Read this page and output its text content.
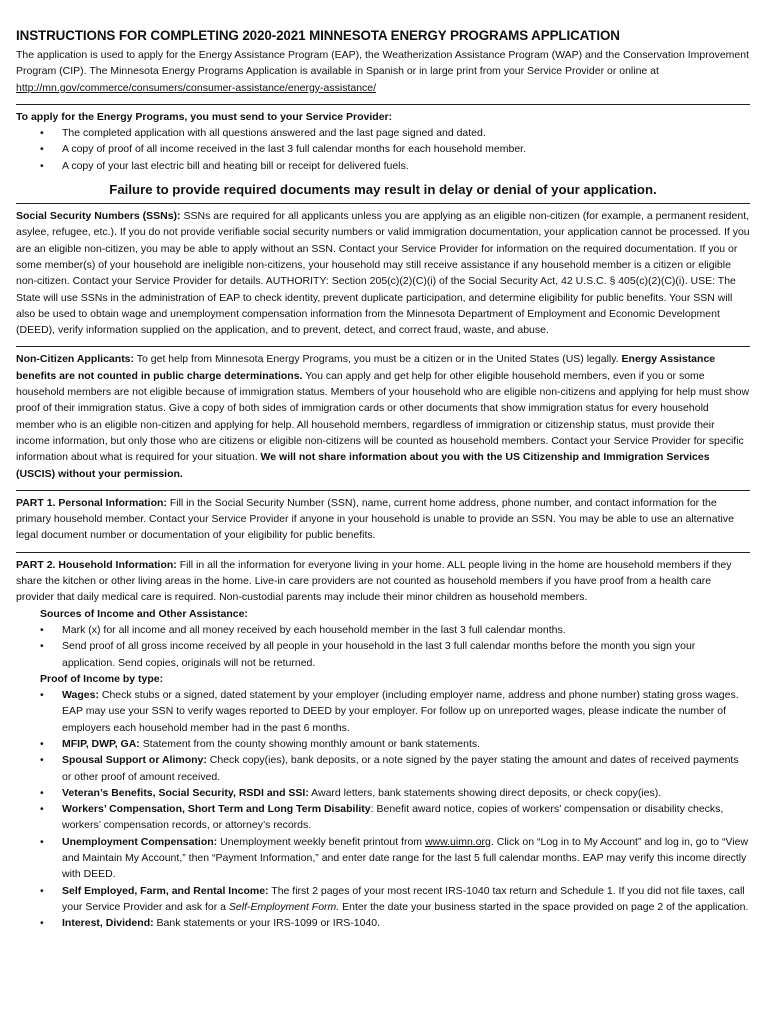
INSTRUCTIONS FOR COMPLETING 2020-2021 MINNESOTA ENERGY PROGRAMS APPLICATION

The application is used to apply for the Energy Assistance Program (EAP), the Weatherization Assistance Program (WAP) and the Conservation Improvement Program (CIP). The Minnesota Energy Programs Application is available in Spanish or in large print from your Service Provider or online at http://mn.gov/commerce/consumers/consumer-assistance/energy-assistance/

To apply for the Energy Programs, you must send to your Service Provider:

• The completed application with all questions answered and the last page signed and dated.
• A copy of proof of all income received in the last 3 full calendar months for each household member.
• A copy of your last electric bill and heating bill or receipt for delivered fuels.
Failure to provide required documents may result in delay or denial of your application.

Social Security Numbers (SSNs): SSNs are required for all applicants unless you are applying as an eligible non-citizen (for example, a permanent resident, asylee, refugee, etc.). If you do not provide verifiable social security numbers or valid immigration documentation, your application cannot be processed. If you are an eligible non-citizen, you may be able to apply without an SSN. Contact your Service Provider for information on the required documentation. If you or some member(s) of your household are ineligible non-citizens, your household may still receive assistance if any household member is a citizen or eligible non-citizen. Contact your Service Provider for details. AUTHORITY: Section 205(c)(2)(C)(i) of the Social Security Act, 42 U.S.C. § 405(c)(2)(C)(i). USE: The State will use SSNs in the administration of EAP to check identity, prevent duplicate participation, and determine eligibility for public benefits. Your SSN will also be used to obtain wage and unemployment compensation information from the Minnesota Department of Employment and Economic Development (DEED), verify information supplied on the application, and to prevent, detect, and correct fraud, waste, and abuse.

Non-Citizen Applicants: To get help from Minnesota Energy Programs, you must be a citizen or in the United States (US) legally. Energy Assistance benefits are not counted in public charge determinations. You can apply and get help for other eligible household members, even if you or some household members are not eligible because of immigration status. Members of your household who are eligible non-citizens and applying for help must show proof of their immigration status. Give a copy of both sides of immigration cards or other documents that show immigration status for every household member who is an eligible non-citizen and applying for help. All household members, regardless of immigration or citizenship status, must provide their income information, but only those who are citizens or eligible non-citizens will be counted as household members. Contact your Service Provider for specific information about what is required for your situation. We will not share information about you with the US Citizenship and Immigration Services (USCIS) without your permission.

PART 1. Personal Information: Fill in the Social Security Number (SSN), name, current home address, phone number, and contact information for the primary household member. Contact your Service Provider if anyone in your household is unable to provide an SSN. You may be able to use an alternative legal document number or documentation of your eligibility for public benefits.

PART 2. Household Information: Fill in all the information for everyone living in your home. ALL people living in the home are household members if they share the kitchen or other living areas in the home. Live-in care providers are not counted as household members if you have proof from a health care provider that daily medical care is required. Non-custodial parents may include their minor children as household members.

Sources of Income and Other Assistance:

• Mark (x) for all income and all money received by each household member in the last 3 full calendar months.
• Send proof of all gross income received by all people in your household in the last 3 full calendar months before the month you sign your application. Send copies, originals will not be returned.

Proof of Income by type:

• Wages: Check stubs or a signed, dated statement by your employer (including employer name, address and phone number) stating gross wages. EAP may use your SSN to verify wages reported to DEED by your employer. For follow up on unreported wages, please indicate the number of employers each household member had in the past 6 months.
• MFIP, DWP, GA: Statement from the county showing monthly amount or bank statements.
• Spousal Support or Alimony: Check copy(ies), bank deposits, or a note signed by the payer stating the amount and dates of received payments or other proof of amount received.
• Veteran’s Benefits, Social Security, RSDI and SSI: Award letters, bank statements showing direct deposits, or check copy(ies).
• Workers’ Compensation, Short Term and Long Term Disability: Benefit award notice, copies of workers’ compensation or disability checks, workers’ compensation records, or attorney’s records.
• Unemployment Compensation: Unemployment weekly benefit printout from www.uimn.org. Click on “Log in to My Account” and log in, go to “View and Maintain My Account,” then “Payment Information,” and enter date range for the last 5 full calendar months. EAP may verify this income directly with DEED.
• Self Employed, Farm, and Rental Income: The first 2 pages of your most recent IRS-1040 tax return and Schedule 1. If you did not file taxes, call your Service Provider and ask for a Self-Employment Form. Enter the date your business started in the space provided on page 2 of the application.
• Interest, Dividend: Bank statements or your IRS-1099 or IRS-1040.
